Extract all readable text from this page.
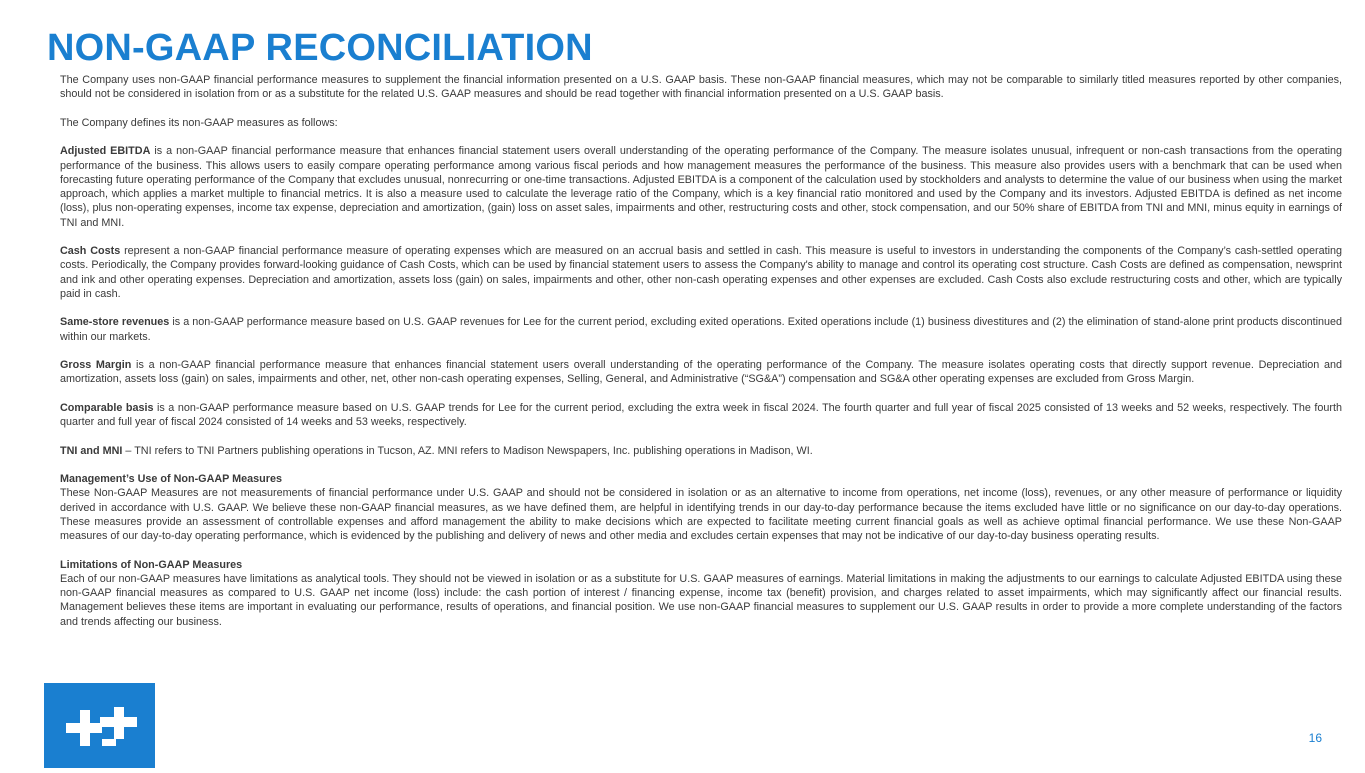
NON-GAAP RECONCILIATION

The Company uses non-GAAP financial performance measures to supplement the financial information presented on a U.S. GAAP basis. These non-GAAP financial measures, which may not be comparable to similarly titled measures reported by other companies, should not be considered in isolation from or as a substitute for the related U.S. GAAP measures and should be read together with financial information presented on a U.S. GAAP basis.

The Company defines its non-GAAP measures as follows:

Adjusted EBITDA is a non-GAAP financial performance measure that enhances financial statement users overall understanding of the operating performance of the Company. The measure isolates unusual, infrequent or non-cash transactions from the operating performance of the business. This allows users to easily compare operating performance among various fiscal periods and how management measures the performance of the business. This measure also provides users with a benchmark that can be used when forecasting future operating performance of the Company that excludes unusual, nonrecurring or one-time transactions. Adjusted EBITDA is a component of the calculation used by stockholders and analysts to determine the value of our business when using the market approach, which applies a market multiple to financial metrics. It is also a measure used to calculate the leverage ratio of the Company, which is a key financial ratio monitored and used by the Company and its investors. Adjusted EBITDA is defined as net income (loss), plus non-operating expenses, income tax expense, depreciation and amortization, (gain) loss on asset sales, impairments and other, restructuring costs and other, stock compensation, and our 50% share of EBITDA from TNI and MNI, minus equity in earnings of TNI and MNI.

Cash Costs represent a non-GAAP financial performance measure of operating expenses which are measured on an accrual basis and settled in cash. This measure is useful to investors in understanding the components of the Company’s cash-settled operating costs. Periodically, the Company provides forward-looking guidance of Cash Costs, which can be used by financial statement users to assess the Company's ability to manage and control its operating cost structure. Cash Costs are defined as compensation, newsprint and ink and other operating expenses. Depreciation and amortization, assets loss (gain) on sales, impairments and other, other non-cash operating expenses and other expenses are excluded. Cash Costs also exclude restructuring costs and other, which are typically paid in cash.

Same-store revenues is a non-GAAP performance measure based on U.S. GAAP revenues for Lee for the current period, excluding exited operations. Exited operations include (1) business divestitures and (2) the elimination of stand-alone print products discontinued within our markets.

Gross Margin is a non-GAAP financial performance measure that enhances financial statement users overall understanding of the operating performance of the Company. The measure isolates operating costs that directly support revenue. Depreciation and amortization, assets loss (gain) on sales, impairments and other, net, other non-cash operating expenses, Selling, General, and Administrative (“SG&A”) compensation and SG&A other operating expenses are excluded from Gross Margin.

Comparable basis is a non-GAAP performance measure based on U.S. GAAP trends for Lee for the current period, excluding the extra week in fiscal 2024. The fourth quarter and full year of fiscal 2025 consisted of 13 weeks and 52 weeks, respectively. The fourth quarter and full year of fiscal 2024 consisted of 14 weeks and 53 weeks, respectively.

TNI and MNI – TNI refers to TNI Partners publishing operations in Tucson, AZ. MNI refers to Madison Newspapers, Inc. publishing operations in Madison, WI.

Management’s Use of Non-GAAP Measures
These Non-GAAP Measures are not measurements of financial performance under U.S. GAAP and should not be considered in isolation or as an alternative to income from operations, net income (loss), revenues, or any other measure of performance or liquidity derived in accordance with U.S. GAAP. We believe these non-GAAP financial measures, as we have defined them, are helpful in identifying trends in our day-to-day performance because the items excluded have little or no significance on our day-to-day operations. These measures provide an assessment of controllable expenses and afford management the ability to make decisions which are expected to facilitate meeting current financial goals as well as achieve optimal financial performance. We use these Non-GAAP measures of our day-to-day operating performance, which is evidenced by the publishing and delivery of news and other media and excludes certain expenses that may not be indicative of our day-to-day business operating results.

Limitations of Non-GAAP Measures
Each of our non-GAAP measures have limitations as analytical tools. They should not be viewed in isolation or as a substitute for U.S. GAAP measures of earnings. Material limitations in making the adjustments to our earnings to calculate Adjusted EBITDA using these non-GAAP financial measures as compared to U.S. GAAP net income (loss) include: the cash portion of interest / financing expense, income tax (benefit) provision, and charges related to asset impairments, which may significantly affect our financial results. Management believes these items are important in evaluating our performance, results of operations, and financial position. We use non-GAAP financial measures to supplement our U.S. GAAP results in order to provide a more complete understanding of the factors and trends affecting our business.

16
